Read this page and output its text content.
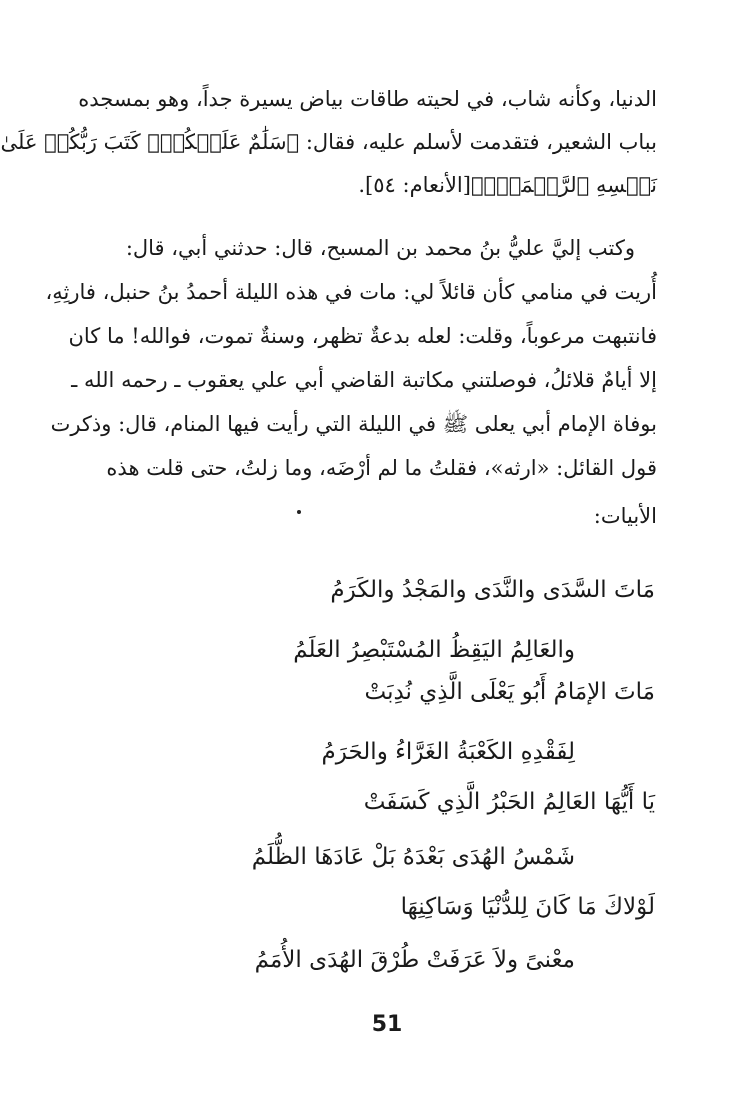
الدنيا، وكأنه شاب، في لحيته طاقات بياض يسيرة جداً، وهو بمسجده
بباب الشعير، فتقدمت لأسلم عليه، فقال: ﴿سَلَٰمٌ عَلَيۡكُمۡۖ كَتَبَ رَبُّكُمۡ عَلَىٰ
نَفۡسِهِ ٱلرَّحۡمَةَۖ﴾[الأنعام: ٥٤].
وكتب إليَّ عليُّ بنُ محمد بن المسبح، قال: حدثني أبي، قال:
أُريت في منامي كأن قائلاً لي: مات في هذه الليلة أحمدُ بنُ حنبل، فارثِهِ،
فانتبهت مرعوباً، وقلت: لعله بدعةٌ تظهر، وسنةٌ تموت، فوالله! ما كان
إلا أيامٌ قلائلُ، فوصلتني مكاتبة القاضي أبي علي يعقوب ـ رحمه الله ـ
بوفاة الإمام أبي يعلى ﷺ في الليلة التي رأيت فيها المنام، قال: وذكرت
قول القائل: «ارثه»، فقلتُ ما لم أرْضَه، وما زلتُ، حتى قلت هذه
الأبيات:
مَاتَ السَّدَى والنَّدَى والمَجْدُ والكَرَمُ
والعَالِمُ اليَقِظُ المُسْتَبْصِرُ العَلَمُ
مَاتَ الإمَامُ أَبُو يَعْلَى الَّذِي نُدِبَتْ
لِفَقْدِهِ الكَعْبَةُ الغَرَّاءُ والحَرَمُ
يَا أَيُّهَا العَالِمُ الحَبْرُ الَّذِي كَسَفَتْ
شَمْسُ الهُدَى بَعْدَهُ بَلْ عَادَهَا الظُّلَمُ
لَوْلاكَ مَا كَانَ لِلدُّنْيَا وَسَاكِنِهَا
معْنىً ولاَ عَرَفَتْ طُرْقَ الهُدَى الأُمَمُ
51
